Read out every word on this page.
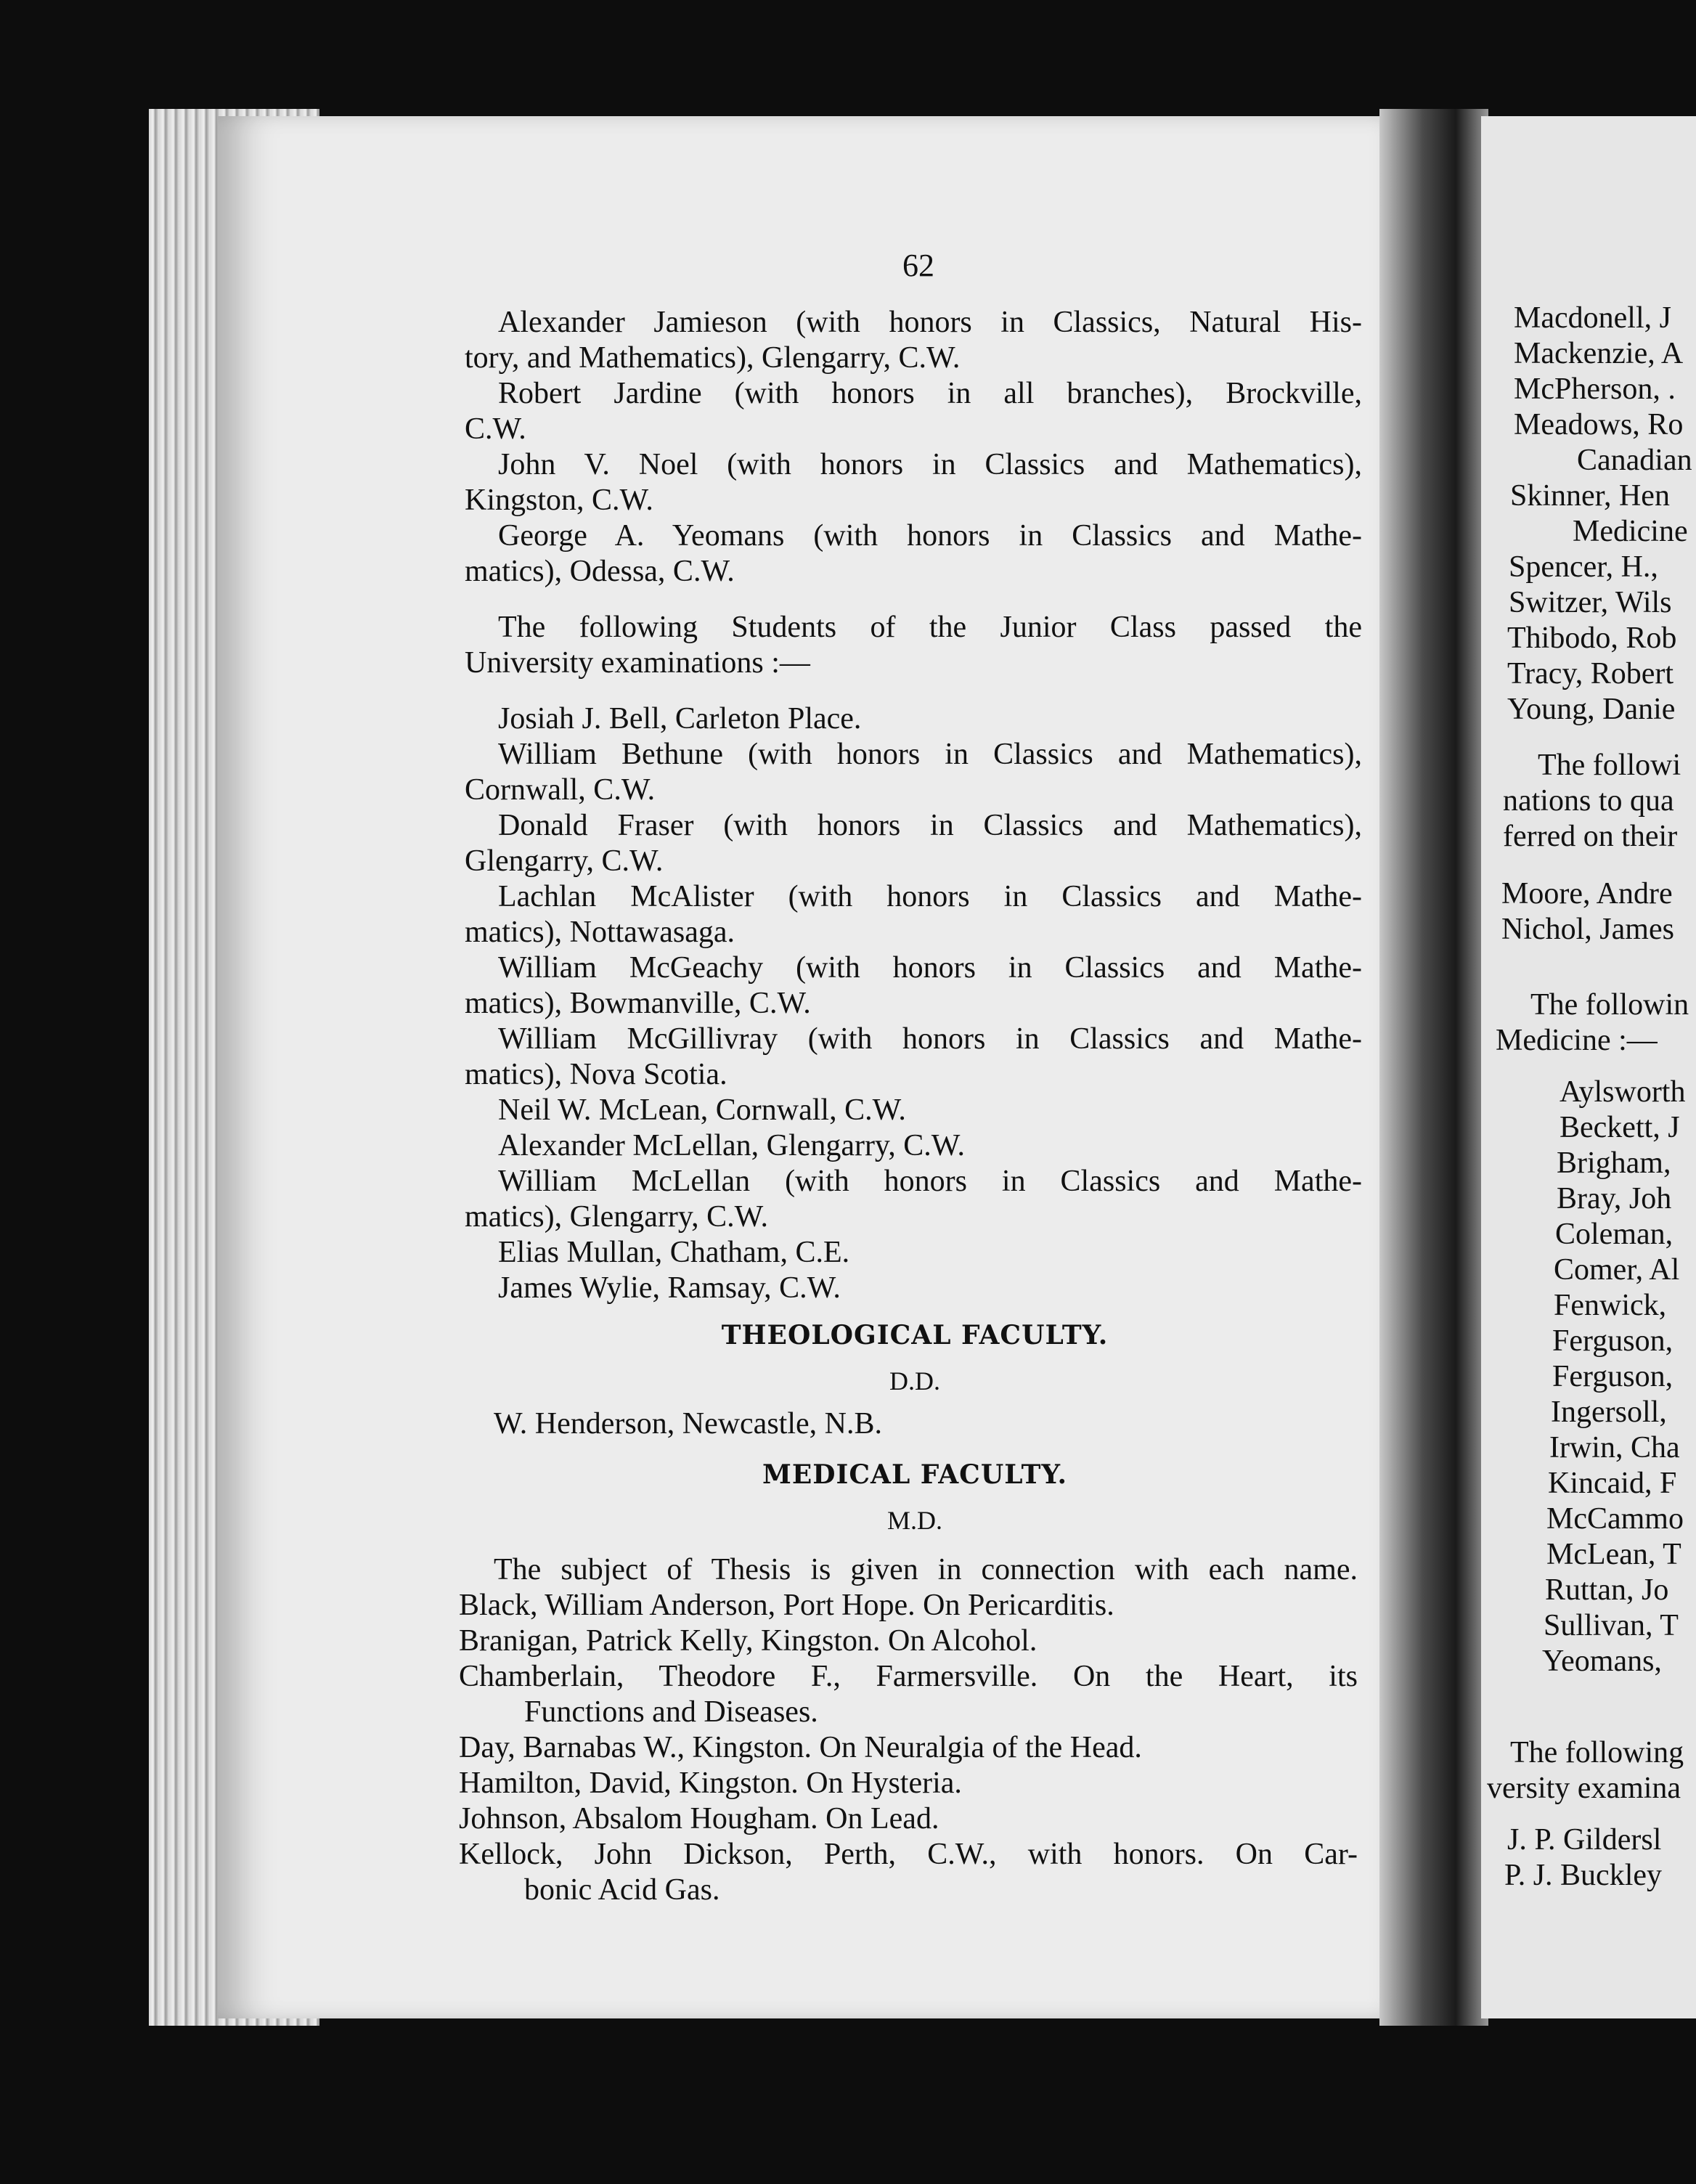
62
Alexander Jamieson (with honors in Classics, Natural His-
tory, and Mathematics), Glengarry, C.W.
Robert Jardine (with honors in all branches), Brockville,
C.W.
John V. Noel (with honors in Classics and Mathematics),
Kingston, C.W.
George A. Yeomans (with honors in Classics and Mathe-
matics), Odessa, C.W.
The following Students of the Junior Class passed the
University examinations :—
Josiah J. Bell, Carleton Place.
William Bethune (with honors in Classics and Mathematics),
Cornwall, C.W.
Donald Fraser (with honors in Classics and Mathematics),
Glengarry, C.W.
Lachlan McAlister (with honors in Classics and Mathe-
matics), Nottawasaga.
William McGeachy (with honors in Classics and Mathe-
matics), Bowmanville, C.W.
William McGillivray (with honors in Classics and Mathe-
matics), Nova Scotia.
Neil W. McLean, Cornwall, C.W.
Alexander McLellan, Glengarry, C.W.
William McLellan (with honors in Classics and Mathe-
matics), Glengarry, C.W.
Elias Mullan, Chatham, C.E.
James Wylie, Ramsay, C.W.
THEOLOGICAL FACULTY.
D.D.
W. Henderson, Newcastle, N.B.
MEDICAL FACULTY.
M.D.
The subject of Thesis is given in connection with each name.
Black, William Anderson, Port Hope. On Pericarditis.
Branigan, Patrick Kelly, Kingston. On Alcohol.
Chamberlain, Theodore F., Farmersville. On the Heart, its
Functions and Diseases.
Day, Barnabas W., Kingston. On Neuralgia of the Head.
Hamilton, David, Kingston. On Hysteria.
Johnson, Absalom Hougham. On Lead.
Kellock, John Dickson, Perth, C.W., with honors. On Car-
bonic Acid Gas.
Macdonell, J
Mackenzie, A
McPherson, .
Meadows, Ro
Canadian
Skinner, Hen
Medicine
Spencer, H.,
Switzer, Wils
Thibodo, Rob
Tracy, Robert
Young, Danie
The followi
nations to qua
ferred on their
Moore, Andre
Nichol, James
The followin
Medicine :—
Aylsworth
Beckett, J
Brigham,
Bray, Joh
Coleman,
Comer, Al
Fenwick,
Ferguson,
Ferguson,
Ingersoll,
Irwin, Cha
Kincaid, F
McCammo
McLean, T
Ruttan, Jo
Sullivan, T
Yeomans,
The following
versity examina
J. P. Gildersl
P. J. Buckley
